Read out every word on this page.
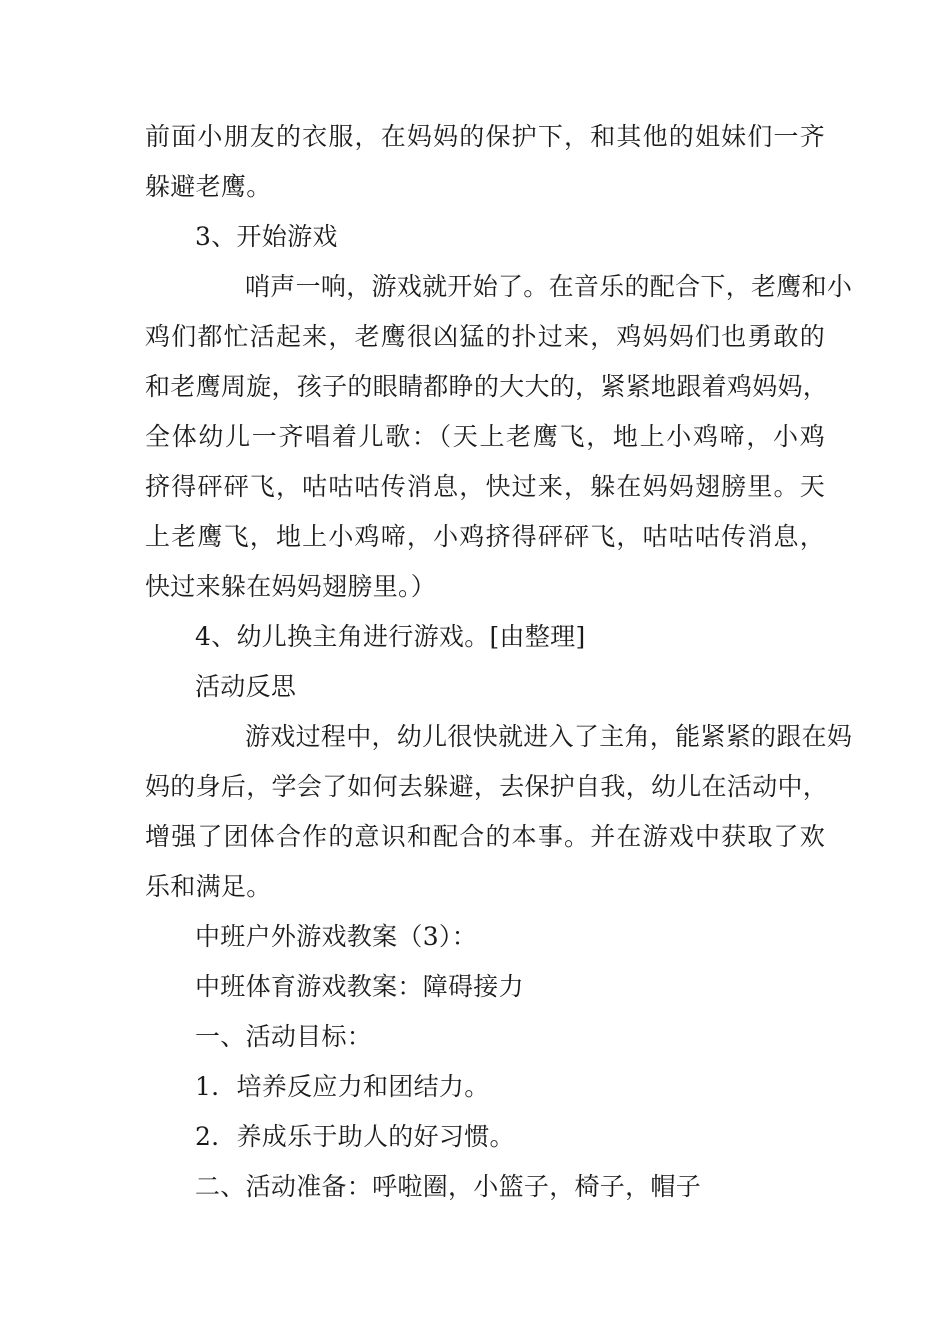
前面小朋友的衣服，在妈妈的保护下，和其他的姐妹们一齐
躲避老鹰。

3、开始游戏

哨声一响，游戏就开始了。在音乐的配合下，老鹰和小
鸡们都忙活起来，老鹰很凶猛的扑过来，鸡妈妈们也勇敢的
和老鹰周旋，孩子的眼睛都睁的大大的，紧紧地跟着鸡妈妈，
全体幼儿一齐唱着儿歌：（天上老鹰飞，地上小鸡啼，小鸡
挤得砰砰飞，咕咕咕传消息，快过来，躲在妈妈翅膀里。天
上老鹰飞，地上小鸡啼，小鸡挤得砰砰飞，咕咕咕传消息，
快过来躲在妈妈翅膀里。）

4、幼儿换主角进行游戏。[由整理]

活动反思

游戏过程中，幼儿很快就进入了主角，能紧紧的跟在妈
妈的身后，学会了如何去躲避，去保护自我，幼儿在活动中，
增强了团体合作的意识和配合的本事。并在游戏中获取了欢
乐和满足。

中班户外游戏教案（3）：

中班体育游戏教案：障碍接力

一、活动目标：

1．培养反应力和团结力。

2．养成乐于助人的好习惯。

二、活动准备：呼啦圈，小篮子，椅子，帽子
